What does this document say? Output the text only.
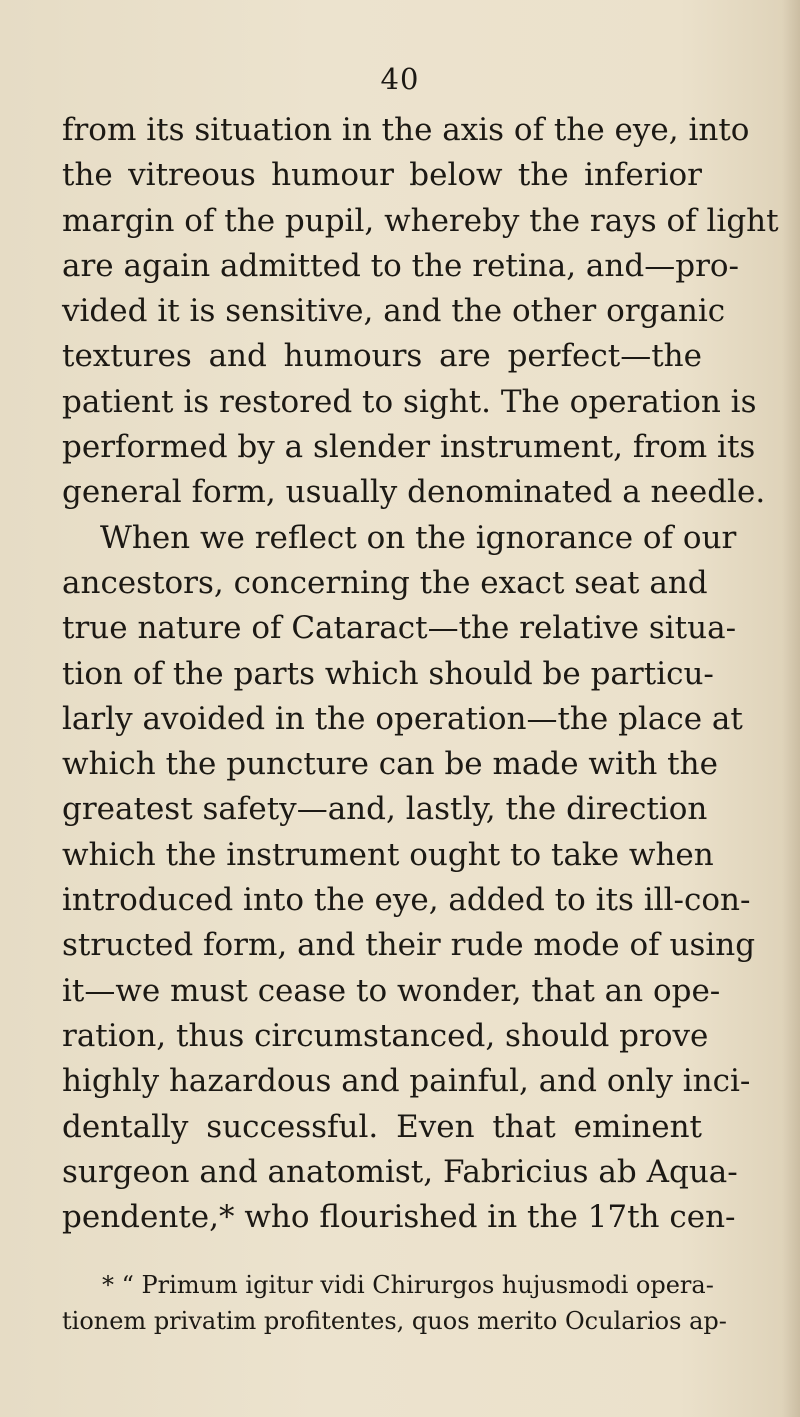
40
from its situation in the axis of the eye, into
the vitreous humour below the inferior
margin of the pupil, whereby the rays of light
are again admitted to the retina, and—pro-
vided it is sensitive, and the other organic
textures and humours are perfect—the
patient is restored to sight. The operation is
performed by a slender instrument, from its
general form, usually denominated a needle.
When we reflect on the ignorance of our
ancestors, concerning the exact seat and
true nature of Cataract—the relative situa-
tion of the parts which should be particu-
larly avoided in the operation—the place at
which the puncture can be made with the
greatest safety—and, lastly, the direction
which the instrument ought to take when
introduced into the eye, added to its ill-con-
structed form, and their rude mode of using
it—we must cease to wonder, that an ope-
ration, thus circumstanced, should prove
highly hazardous and painful, and only inci-
dentally successful. Even that eminent
surgeon and anatomist, Fabricius ab Aqua-
pendente,* who flourished in the 17th cen-
* “ Primum igitur vidi Chirurgos hujusmodi opera-
tionem privatim profitentes, quos merito Ocularios ap-
